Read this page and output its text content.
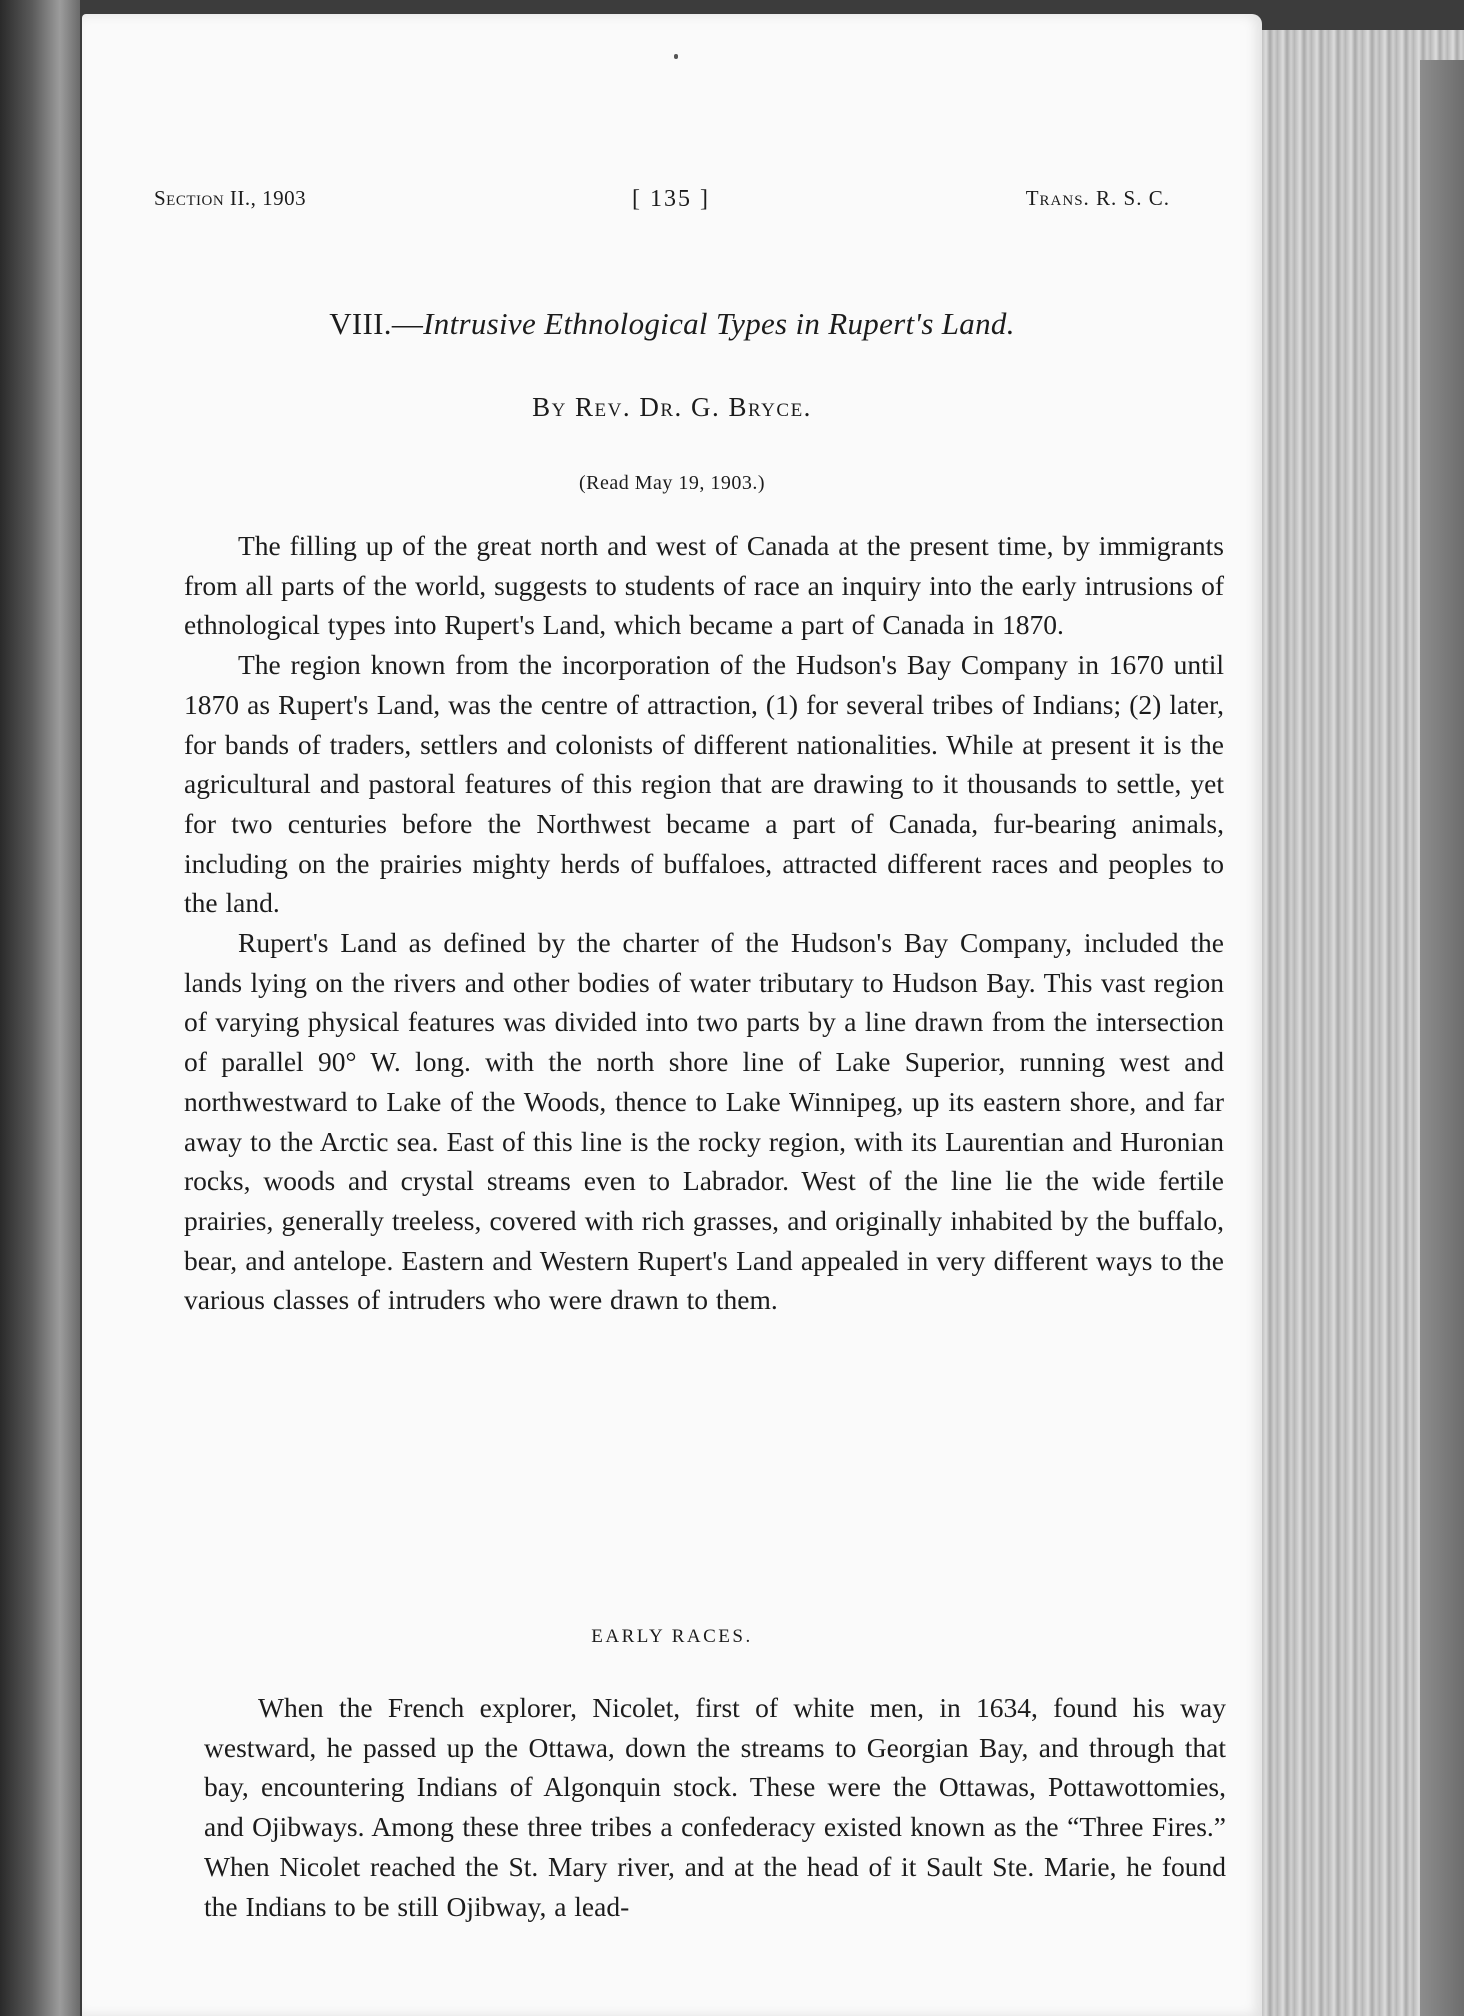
Section II., 1903	[ 135 ]	Trans. R. S. C.
VIII.—Intrusive Ethnological Types in Rupert's Land.
By Rev. Dr. G. Bryce.
(Read May 19, 1903.)

The filling up of the great north and west of Canada at the present time, by immigrants from all parts of the world, suggests to students of race an inquiry into the early intrusions of ethnological types into Rupert's Land, which became a part of Canada in 1870.

The region known from the incorporation of the Hudson's Bay Company in 1670 until 1870 as Rupert's Land, was the centre of attraction, (1) for several tribes of Indians; (2) later, for bands of traders, settlers and colonists of different nationalities. While at present it is the agricultural and pastoral features of this region that are drawing to it thousands to settle, yet for two centuries before the Northwest became a part of Canada, fur-bearing animals, including on the prairies mighty herds of buffaloes, attracted different races and peoples to the land.

Rupert's Land as defined by the charter of the Hudson's Bay Company, included the lands lying on the rivers and other bodies of water tributary to Hudson Bay. This vast region of varying physical features was divided into two parts by a line drawn from the intersection of parallel 90° W. long. with the north shore line of Lake Superior, running west and northwestward to Lake of the Woods, thence to Lake Winnipeg, up its eastern shore, and far away to the Arctic sea. East of this line is the rocky region, with its Laurentian and Huronian rocks, woods and crystal streams even to Labrador. West of the line lie the wide fertile prairies, generally treeless, covered with rich grasses, and originally inhabited by the buffalo, bear, and antelope. Eastern and Western Rupert's Land appealed in very different ways to the various classes of intruders who were drawn to them.

EARLY RACES.

When the French explorer, Nicolet, first of white men, in 1634, found his way westward, he passed up the Ottawa, down the streams to Georgian Bay, and through that bay, encountering Indians of Algonquin stock. These were the Ottawas, Pottawottomies, and Ojibways. Among these three tribes a confederacy existed known as the “Three Fires.” When Nicolet reached the St. Mary river, and at the head of it Sault Ste. Marie, he found the Indians to be still Ojibway, a lead-
